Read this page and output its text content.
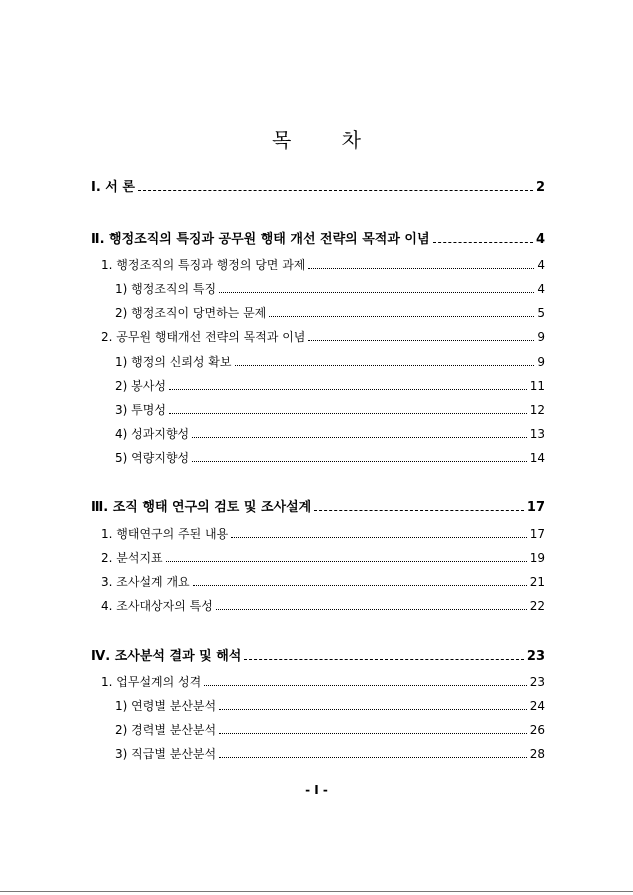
목 차
Ⅰ. 서 론	2
Ⅱ. 행정조직의 특징과 공무원 행태 개선 전략의 목적과 이념	4
1. 행정조직의 특징과 행정의 당면 과제	4
1) 행정조직의 특징	4
2) 행정조직이 당면하는 문제	5
2. 공무원 행태개선 전략의 목적과 이념	9
1) 행정의 신뢰성 확보	9
2) 봉사성	11
3) 투명성	12
4) 성과지향성	13
5) 역량지향성	14
Ⅲ. 조직 행태 연구의 검토 및 조사설계	17
1. 행태연구의 주된 내용	17
2. 분석지표	19
3. 조사설계 개요	21
4. 조사대상자의 특성	22
Ⅳ. 조사분석 결과 및 해석	23
1. 업무설계의 성격	23
1) 연령별 분산분석	24
2) 경력별 분산분석	26
3) 직급별 분산분석	28
- I -
